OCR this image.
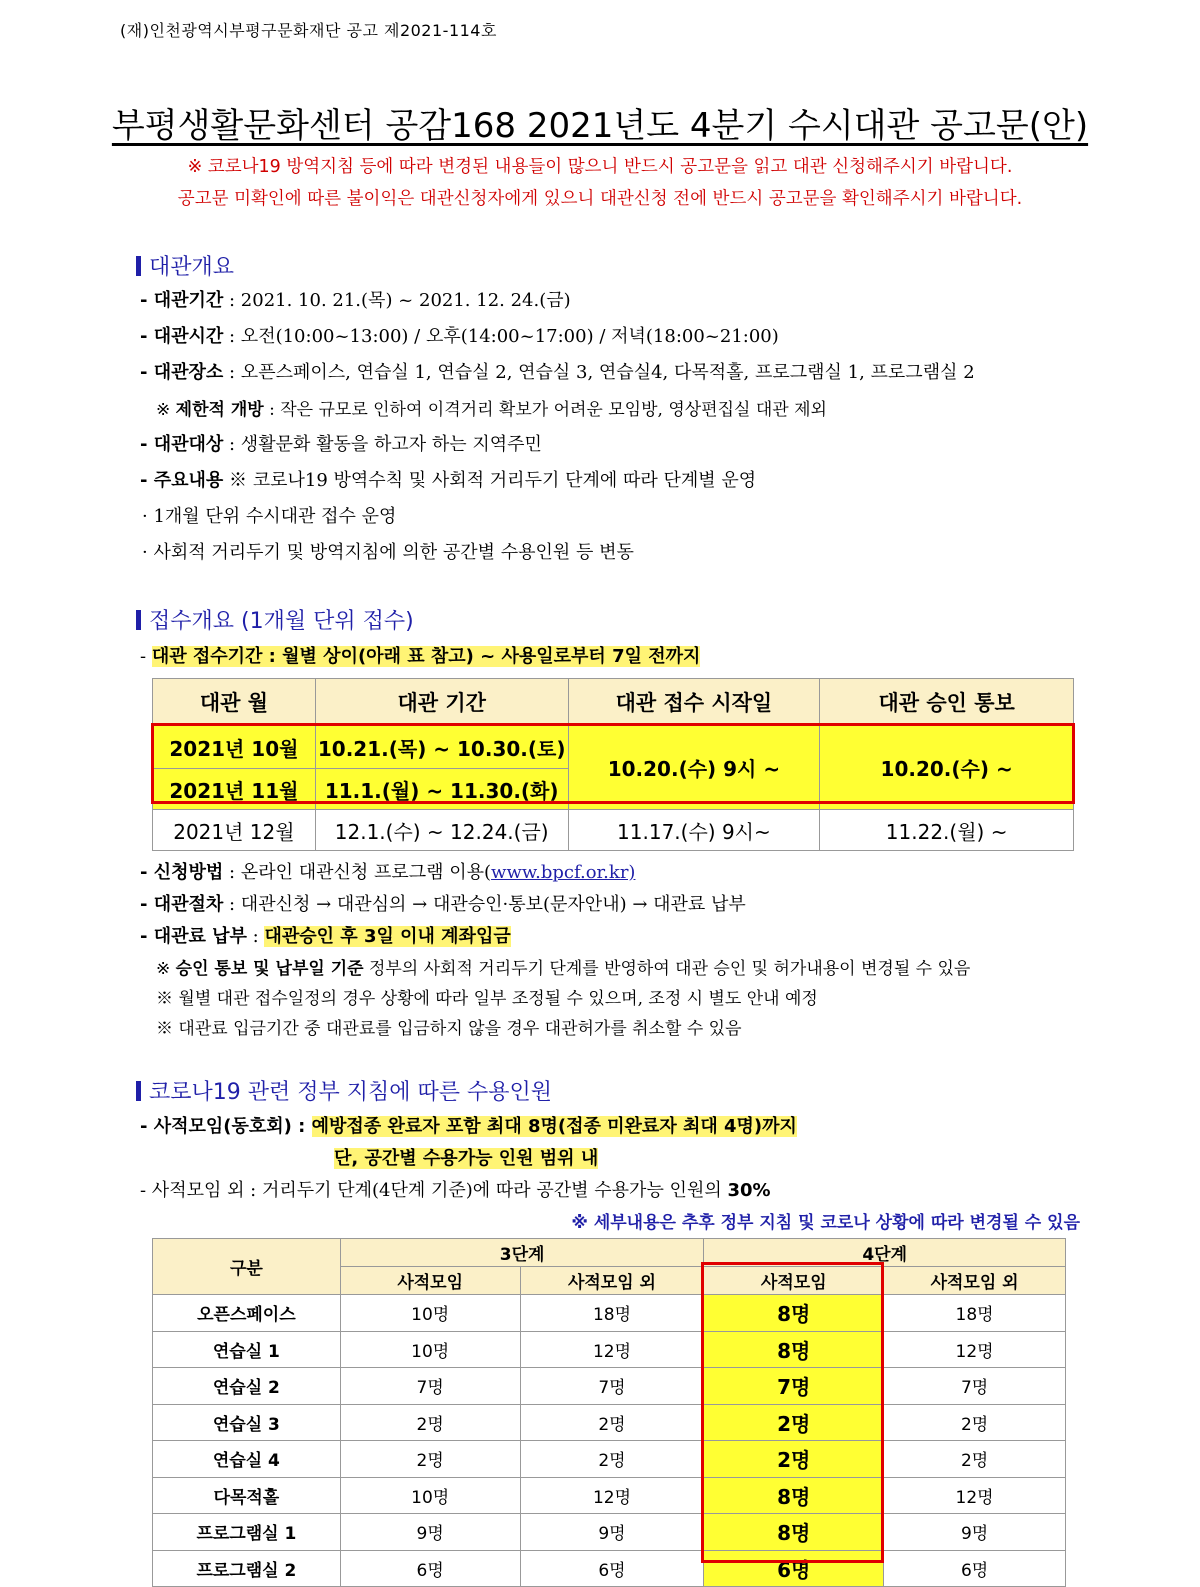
(재)인천광역시부평구문화재단 공고 제2021-114호
부평생활문화센터 공감168 2021년도 4분기 수시대관 공고문(안)
※ 코로나19 방역지침 등에 따라 변경된 내용들이 많으니 반드시 공고문을 읽고 대관 신청해주시기 바랍니다.
공고문 미확인에 따른 불이익은 대관신청자에게 있으니 대관신청 전에 반드시 공고문을 확인해주시기 바랍니다.
대관개요
- 대관기간 : 2021. 10. 21.(목) ~ 2021. 12. 24.(금)
- 대관시간 : 오전(10:00~13:00) / 오후(14:00~17:00) / 저녁(18:00~21:00)
- 대관장소 : 오픈스페이스, 연습실 1, 연습실 2, 연습실 3, 연습실4, 다목적홀, 프로그램실 1, 프로그램실 2
※ 제한적 개방 : 작은 규모로 인하여 이격거리 확보가 어려운 모임방, 영상편집실 대관 제외
- 대관대상 : 생활문화 활동을 하고자 하는 지역주민
- 주요내용 ※ 코로나19 방역수칙 및 사회적 거리두기 단계에 따라 단계별 운영
· 1개월 단위 수시대관 접수 운영
· 사회적 거리두기 및 방역지침에 의한 공간별 수용인원 등 변동
접수개요 (1개월 단위 접수)
- 대관 접수기간 : 월별 상이(아래 표 참고) ~ 사용일로부터 7일 전까지
대관 월	대관 기간	대관 접수 시작일	대관 승인 통보
2021년 10월	10.21.(목) ~ 10.30.(토)	10.20.(수) 9시 ~	10.20.(수) ~
2021년 11월	11.1.(월) ~ 11.30.(화)		
2021년 12월	12.1.(수) ~ 12.24.(금)	11.17.(수) 9시~	11.22.(월) ~
- 신청방법 : 온라인 대관신청 프로그램 이용(www.bpcf.or.kr)
- 대관절차 : 대관신청 → 대관심의 → 대관승인·통보(문자안내) → 대관료 납부
- 대관료 납부 : 대관승인 후 3일 이내 계좌입금
※ 승인 통보 및 납부일 기준 정부의 사회적 거리두기 단계를 반영하여 대관 승인 및 허가내용이 변경될 수 있음
※ 월별 대관 접수일정의 경우 상황에 따라 일부 조정될 수 있으며, 조정 시 별도 안내 예정
※ 대관료 입금기간 중 대관료를 입금하지 않을 경우 대관허가를 취소할 수 있음
코로나19 관련 정부 지침에 따른 수용인원
- 사적모임(동호회) : 예방접종 완료자 포함 최대 8명(접종 미완료자 최대 4명)까지
단, 공간별 수용가능 인원 범위 내
- 사적모임 외 : 거리두기 단계(4단계 기준)에 따라 공간별 수용가능 인원의 30%
※ 세부내용은 추후 정부 지침 및 코로나 상황에 따라 변경될 수 있음
구분	3단계		4단계	
	사적모임	사적모임 외	사적모임	사적모임 외
오픈스페이스	10명	18명	8명	18명
연습실 1	10명	12명	8명	12명
연습실 2	7명	7명	7명	7명
연습실 3	2명	2명	2명	2명
연습실 4	2명	2명	2명	2명
다목적홀	10명	12명	8명	12명
프로그램실 1	9명	9명	8명	9명
프로그램실 2	6명	6명	6명	6명
